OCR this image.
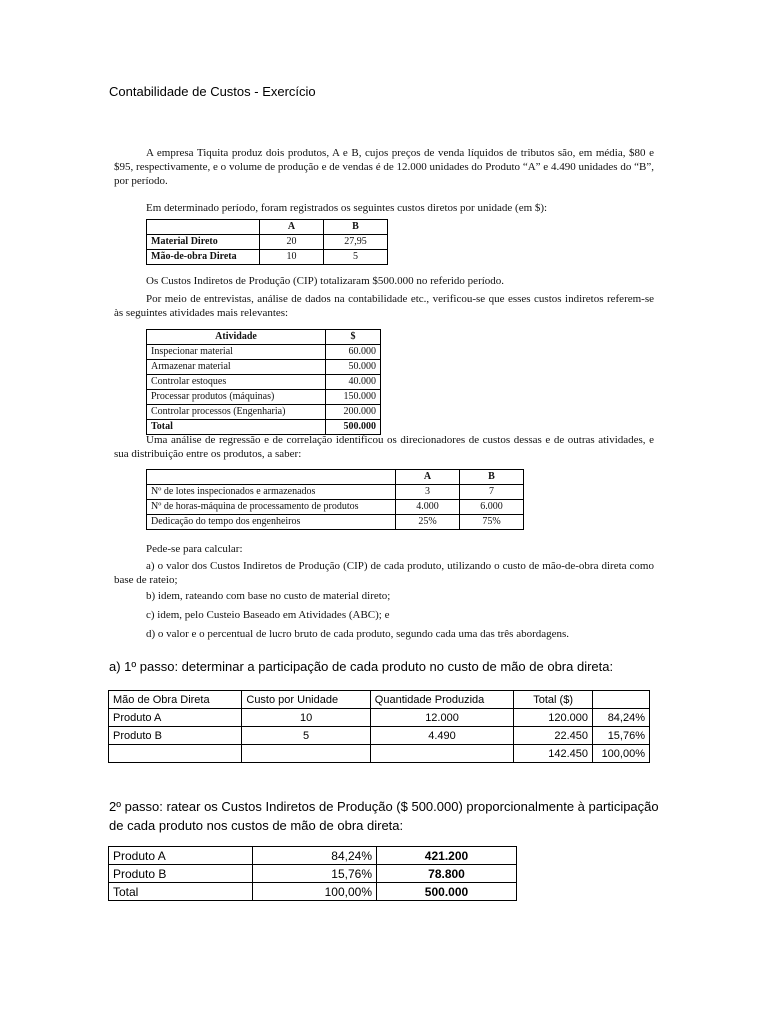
Contabilidade de Custos - Exercício

A empresa Tiquita produz dois produtos, A e B, cujos preços de venda líquidos de tributos são, em média, $80 e $95, respectivamente, e o volume de produção e de vendas é de 12.000 unidades do Produto “A” e 4.490 unidades do “B”, por período.

Em determinado período, foram registrados os seguintes custos diretos por unidade (em $):

	A	B
Material Direto	20	27,95
Mão-de-obra Direta	10	5

Os Custos Indiretos de Produção (CIP) totalizaram $500.000 no referido período.

Por meio de entrevistas, análise de dados na contabilidade etc., verificou-se que esses custos indiretos referem-se às seguintes atividades mais relevantes:

Atividade	$
Inspecionar material	60.000
Armazenar material	50.000
Controlar estoques	40.000
Processar produtos (máquinas)	150.000
Controlar processos (Engenharia)	200.000
Total	500.000

Uma análise de regressão e de correlação identificou os direcionadores de custos dessas e de outras atividades, e sua distribuição entre os produtos, a saber:

	A	B
Nº de lotes inspecionados e armazenados	3	7
Nº de horas-máquina de processamento de produtos	4.000	6.000
Dedicação do tempo dos engenheiros	25%	75%

Pede-se para calcular:

a) o valor dos Custos Indiretos de Produção (CIP) de cada produto, utilizando o custo de mão-de-obra direta como base de rateio;

b) idem, rateando com base no custo de material direto;

c) idem, pelo Custeio Baseado em Atividades (ABC); e

d) o valor e o percentual de lucro bruto de cada produto, segundo cada uma das três abordagens.

a) 1º passo: determinar a participação de cada produto no custo de mão de obra direta:
Mão de Obra Direta	Custo por Unidade	Quantidade Produzida	Total ($)	
Produto A	10	12.000	120.000	84,24%
Produto B	5	4.490	22.450	15,76%
			142.450	100,00%
2º passo: ratear os Custos Indiretos de Produção ($ 500.000) proporcionalmente à participação de cada produto nos custos de mão de obra direta:
Produto A	84,24%	421.200
Produto B	15,76%	78.800
Total	100,00%	500.000
